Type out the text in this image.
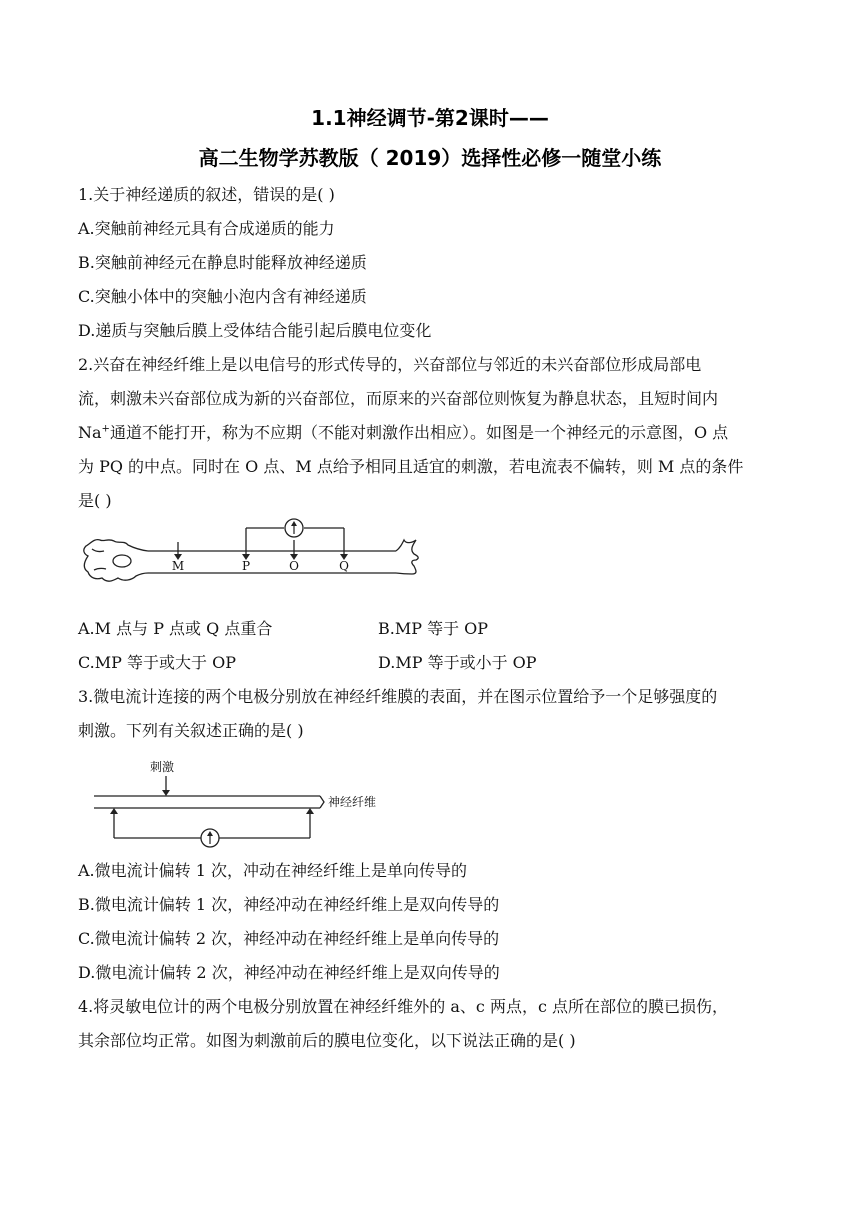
1.1神经调节-第2课时——
高二生物学苏教版（ 2019）选择性必修一随堂小练
1.关于神经递质的叙述，错误的是( )
A.突触前神经元具有合成递质的能力
B.突触前神经元在静息时能释放神经递质
C.突触小体中的突触小泡内含有神经递质
D.递质与突触后膜上受体结合能引起后膜电位变化
2.兴奋在神经纤维上是以电信号的形式传导的，兴奋部位与邻近的未兴奋部位形成局部电
流，刺激未兴奋部位成为新的兴奋部位，而原来的兴奋部位则恢复为静息状态，且短时间内
Na+通道不能打开，称为不应期（不能对刺激作出相应）。如图是一个神经元的示意图，O 点
为 PQ 的中点。同时在 O 点、M 点给予相同且适宜的刺激，若电流表不偏转，则 M 点的条件
是( )
M	P	O	Q
A.M 点与 P 点或 Q 点重合	B.MP 等于 OP
C.MP 等于或大于 OP	D.MP 等于或小于 OP
3.微电流计连接的两个电极分别放在神经纤维膜的表面，并在图示位置给予一个足够强度的
刺激。下列有关叙述正确的是( )
刺激
神经纤维
A.微电流计偏转 1 次，冲动在神经纤维上是单向传导的
B.微电流计偏转 1 次，神经冲动在神经纤维上是双向传导的
C.微电流计偏转 2 次，神经冲动在神经纤维上是单向传导的
D.微电流计偏转 2 次，神经冲动在神经纤维上是双向传导的
4.将灵敏电位计的两个电极分别放置在神经纤维外的 a、c 两点，c 点所在部位的膜已损伤，
其余部位均正常。如图为刺激前后的膜电位变化，以下说法正确的是( )
